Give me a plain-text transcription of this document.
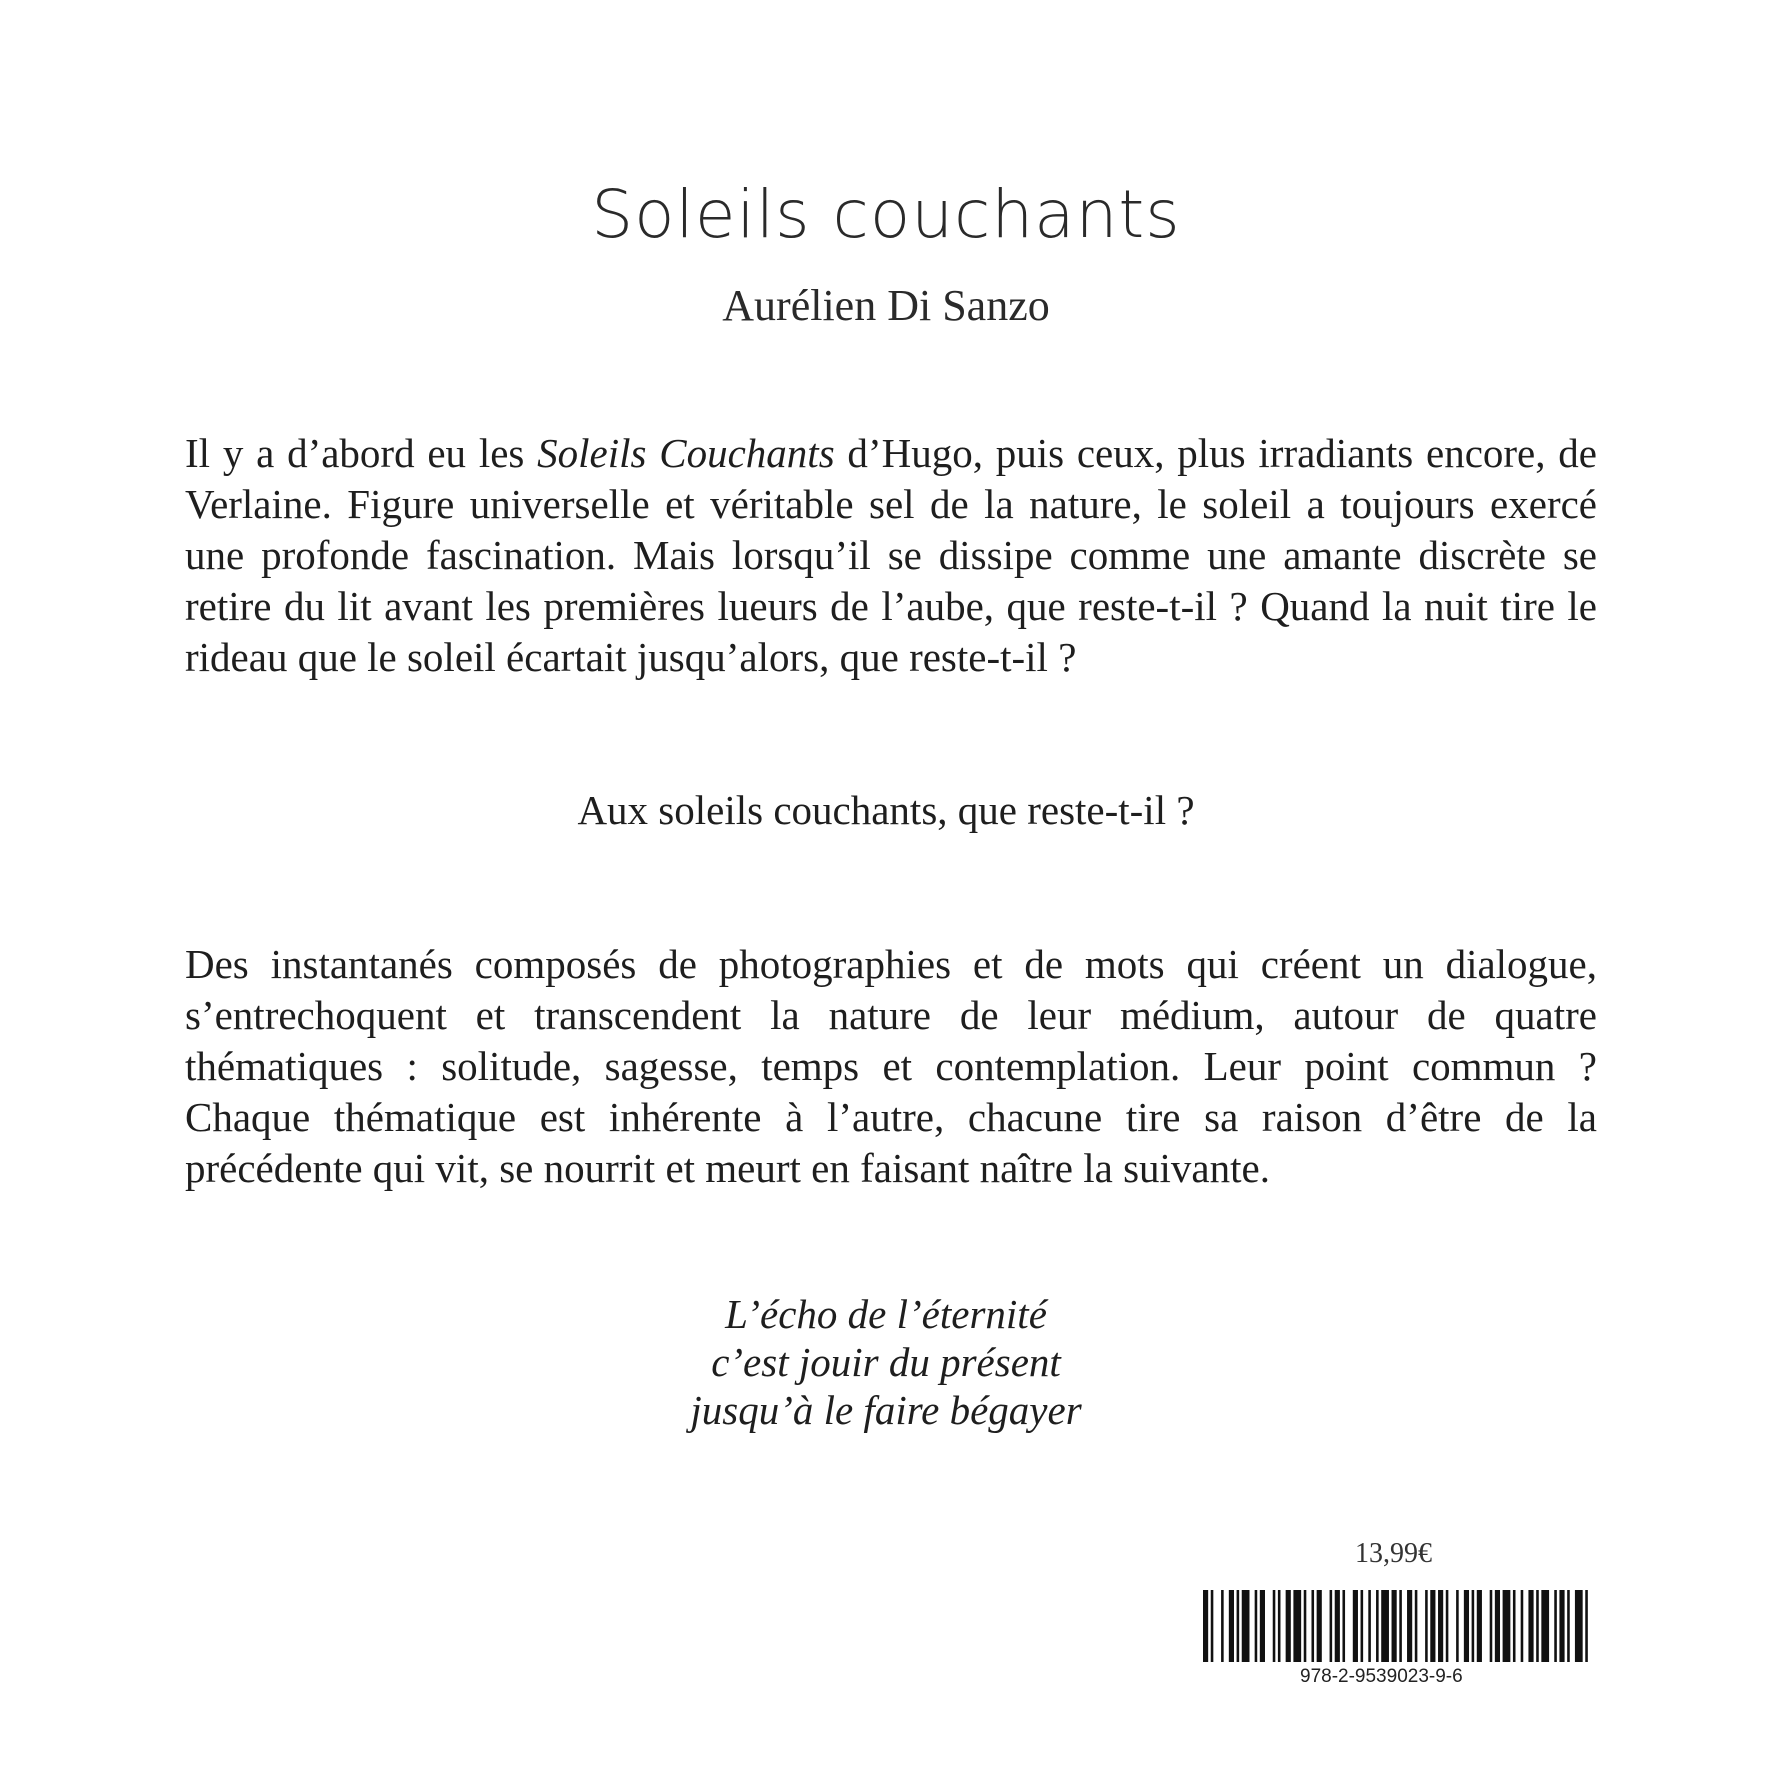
Soleils couchants

Aurélien Di Sanzo

Il y a d’abord eu les Soleils Couchants d’Hugo, puis ceux, plus irradiants encore, de Verlaine. Figure universelle et véritable sel de la nature, le soleil a toujours exercé une profonde fascination. Mais lorsqu’il se dissipe comme une amante discrète se retire du lit avant les premières lueurs de l’aube, que reste-t-il ? Quand la nuit tire le rideau que le soleil écartait jusqu’alors, que reste-t-il ?

Aux soleils couchants, que reste-t-il ?

Des instantanés composés de photographies et de mots qui créent un dialogue, s’entrechoquent et transcendent la nature de leur médium, autour de quatre thématiques : solitude, sagesse, temps et contemplation. Leur point commun ? Chaque thématique est inhérente à l’autre, chacune tire sa raison d’être de la précédente qui vit, se nourrit et meurt en faisant naître la suivante.

L’écho de l’éternité
c’est jouir du présent
jusqu’à le faire bégayer
13,99€
978-2-9539023-9-6
